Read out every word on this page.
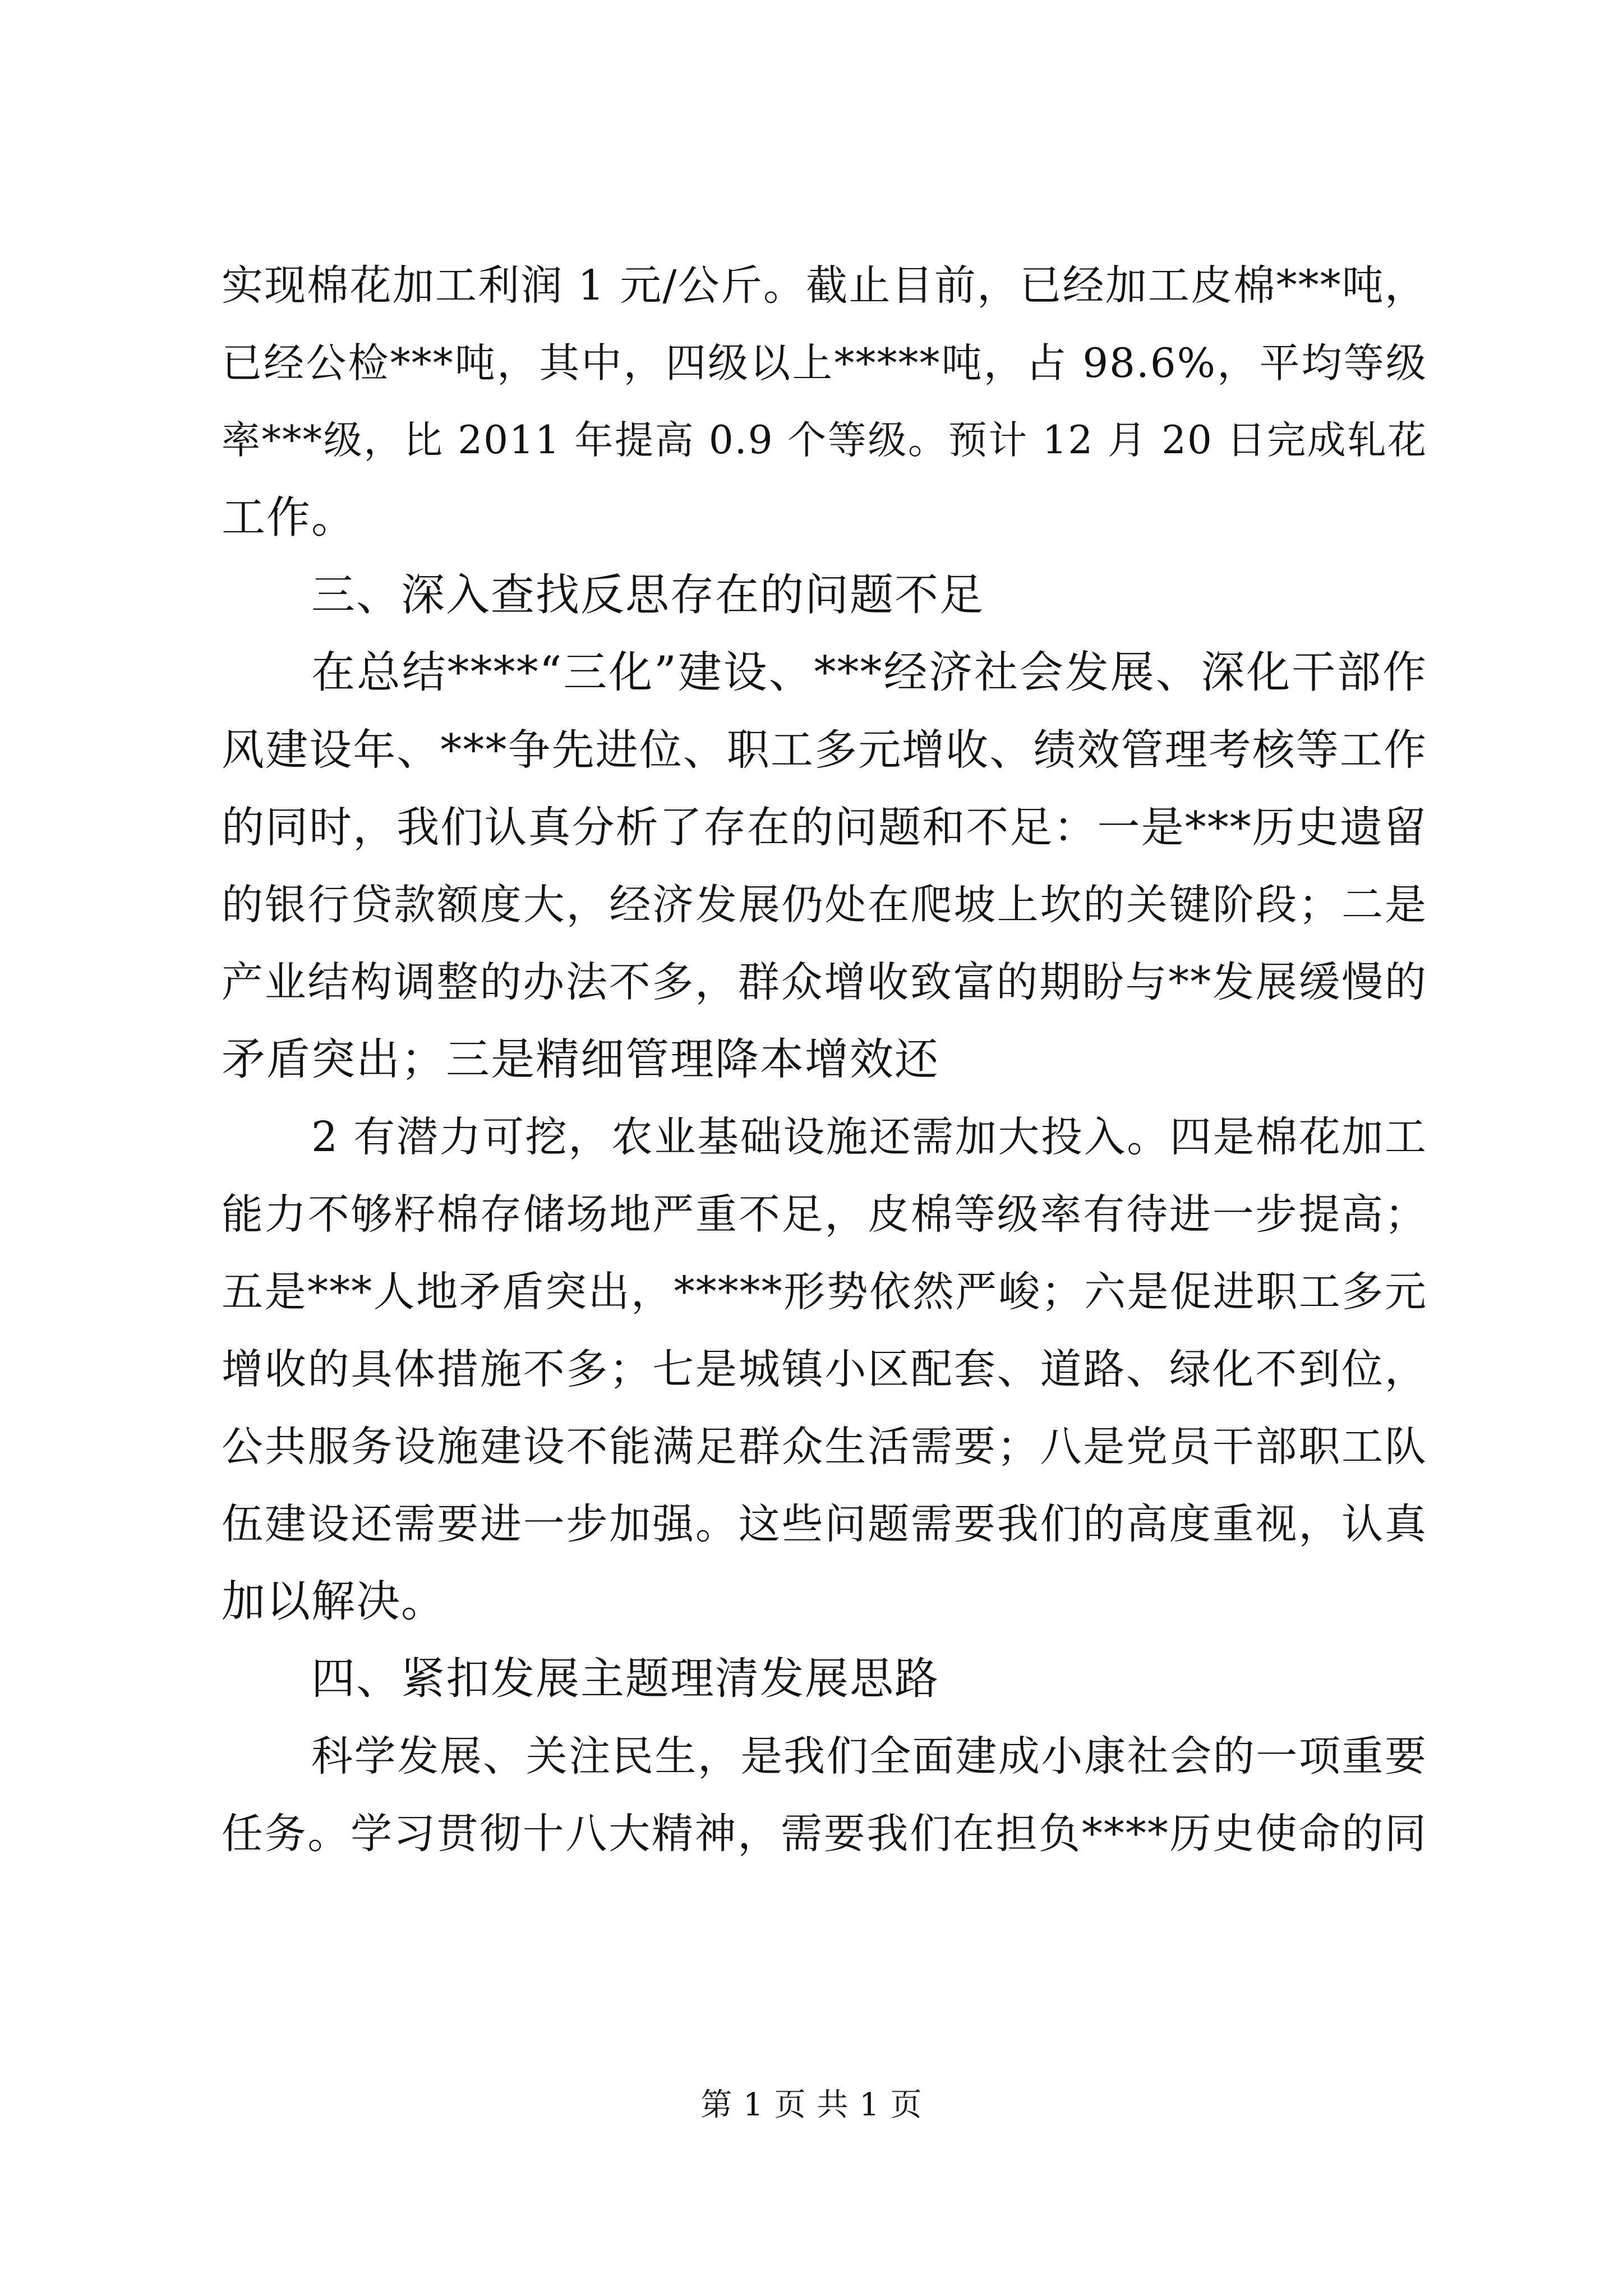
实现棉花加工利润 1 元/公斤。截止目前，已经加工皮棉***吨，
已经公检***吨，其中，四级以上*****吨，占 98.6%，平均等级
率***级，比 2011 年提高 0.9 个等级。预计 12 月 20 日完成轧花
工作。
三、深入查找反思存在的问题不足
在总结****“三化”建设、***经济社会发展、深化干部作
风建设年、***争先进位、职工多元增收、绩效管理考核等工作
的同时，我们认真分析了存在的问题和不足：一是***历史遗留
的银行贷款额度大，经济发展仍处在爬坡上坎的关键阶段；二是
产业结构调整的办法不多，群众增收致富的期盼与**发展缓慢的
矛盾突出；三是精细管理降本增效还
2 有潜力可挖，农业基础设施还需加大投入。四是棉花加工
能力不够籽棉存储场地严重不足，皮棉等级率有待进一步提高；
五是***人地矛盾突出，*****形势依然严峻；六是促进职工多元
增收的具体措施不多；七是城镇小区配套、道路、绿化不到位，
公共服务设施建设不能满足群众生活需要；八是党员干部职工队
伍建设还需要进一步加强。这些问题需要我们的高度重视，认真
加以解决。
四、紧扣发展主题理清发展思路
科学发展、关注民生，是我们全面建成小康社会的一项重要
任务。学习贯彻十八大精神，需要我们在担负****历史使命的同
第 1 页 共 1 页
